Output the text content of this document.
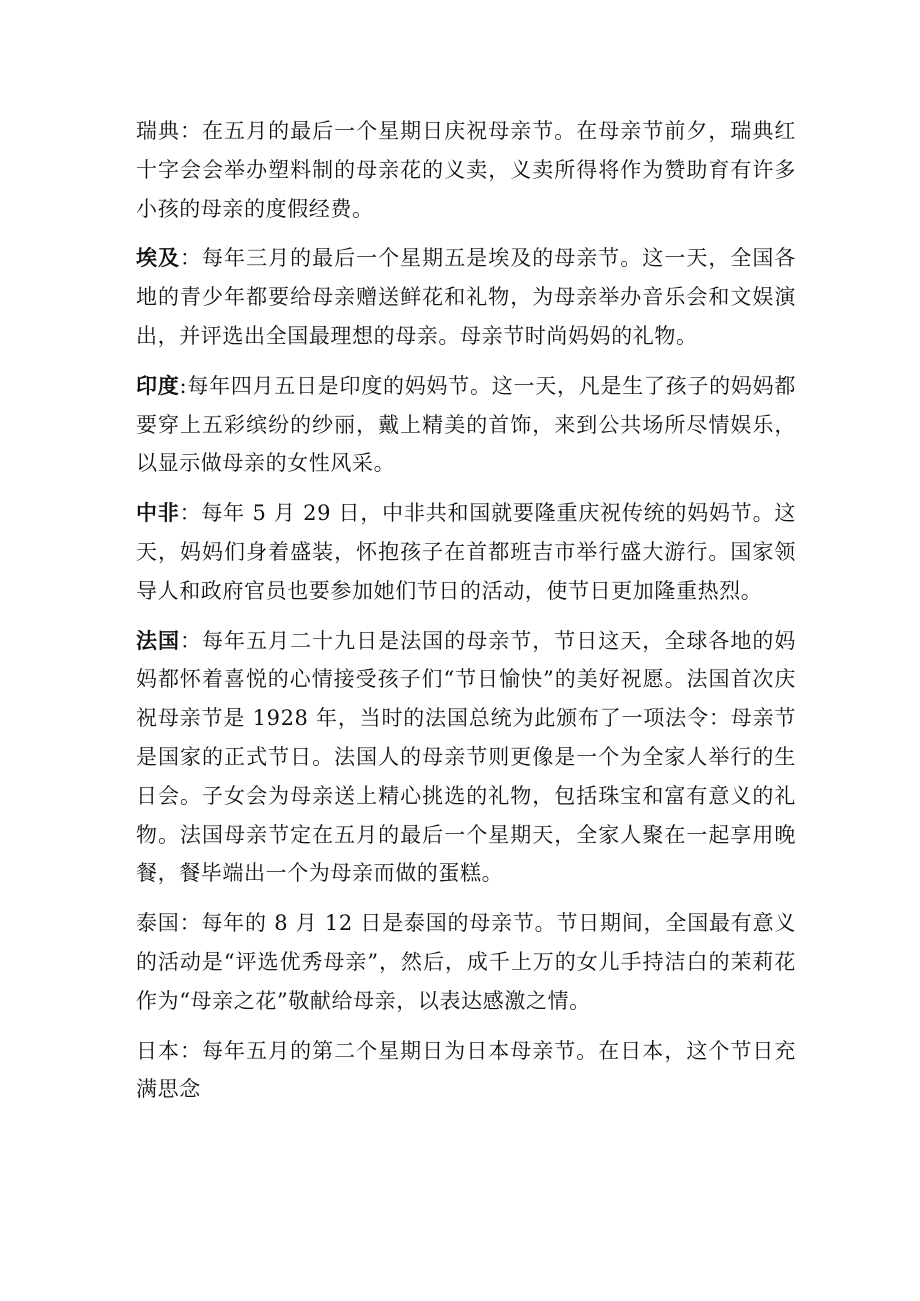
瑞典：在五月的最后一个星期日庆祝母亲节。在母亲节前夕，瑞典红十字会会举办塑料制的母亲花的义卖，义卖所得将作为赞助育有许多小孩的母亲的度假经费。

埃及：每年三月的最后一个星期五是埃及的母亲节。这一天，全国各地的青少年都要给母亲赠送鲜花和礼物，为母亲举办音乐会和文娱演出，并评选出全国最理想的母亲。母亲节时尚妈妈的礼物。

印度:每年四月五日是印度的妈妈节。这一天，凡是生了孩子的妈妈都要穿上五彩缤纷的纱丽，戴上精美的首饰，来到公共场所尽情娱乐，以显示做母亲的女性风采。

中非：每年 5 月 29 日，中非共和国就要隆重庆祝传统的妈妈节。这天，妈妈们身着盛装，怀抱孩子在首都班吉市举行盛大游行。国家领导人和政府官员也要参加她们节日的活动，使节日更加隆重热烈。

法国：每年五月二十九日是法国的母亲节，节日这天，全球各地的妈妈都怀着喜悦的心情接受孩子们“节日愉快”的美好祝愿。法国首次庆祝母亲节是 1928 年，当时的法国总统为此颁布了一项法令：母亲节是国家的正式节日。法国人的母亲节则更像是一个为全家人举行的生日会。子女会为母亲送上精心挑选的礼物，包括珠宝和富有意义的礼物。法国母亲节定在五月的最后一个星期天，全家人聚在一起享用晚餐，餐毕端出一个为母亲而做的蛋糕。

泰国：每年的 8 月 12 日是泰国的母亲节。节日期间，全国最有意义的活动是“评选优秀母亲”，然后，成千上万的女儿手持洁白的茉莉花作为“母亲之花”敬献给母亲，以表达感激之情。

日本：每年五月的第二个星期日为日本母亲节。在日本，这个节日充满思念
